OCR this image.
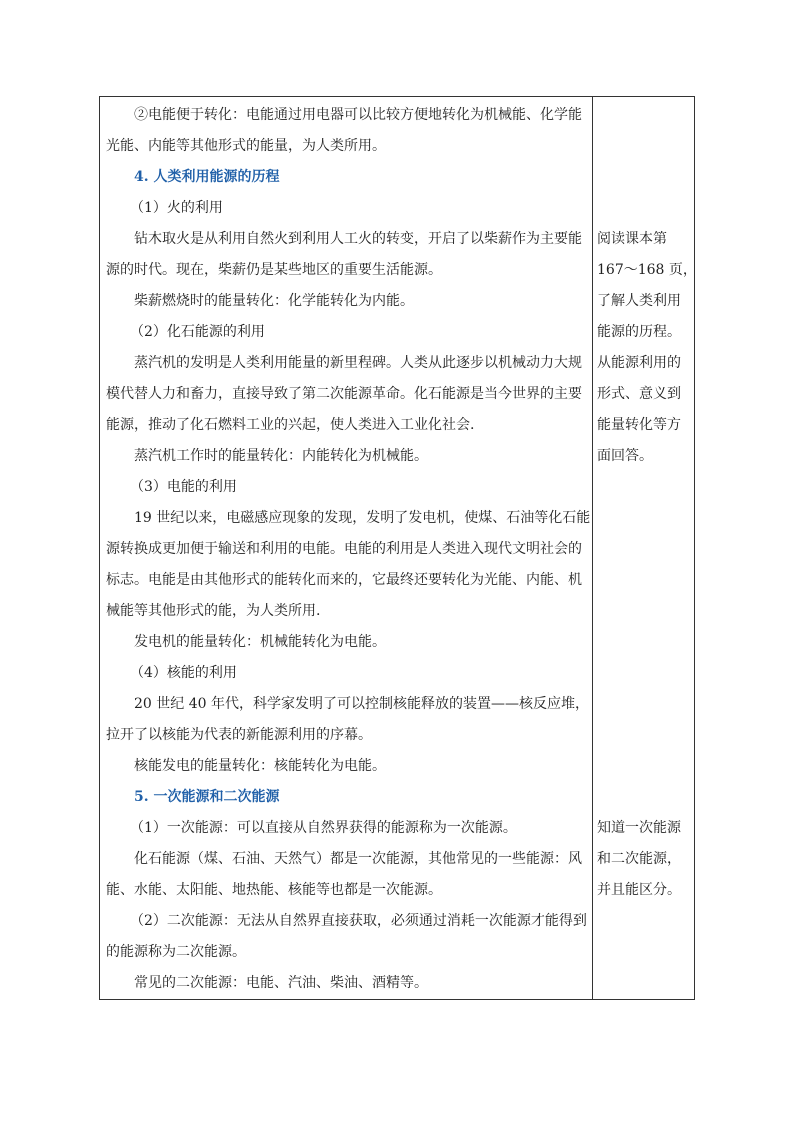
②电能便于转化：电能通过用电器可以比较方便地转化为机械能、化学能
光能、内能等其他形式的能量，为人类所用。
4. 人类利用能源的历程
（1）火的利用
钻木取火是从利用自然火到利用人工火的转变，开启了以柴薪作为主要能
源的时代。现在，柴薪仍是某些地区的重要生活能源。
柴薪燃烧时的能量转化：化学能转化为内能。
（2）化石能源的利用
蒸汽机的发明是人类利用能量的新里程碑。人类从此逐步以机械动力大规
模代替人力和畜力，直接导致了第二次能源革命。化石能源是当今世界的主要
能源，推动了化石燃料工业的兴起，使人类进入工业化社会.
蒸汽机工作时的能量转化：内能转化为机械能。
（3）电能的利用
19 世纪以来，电磁感应现象的发现，发明了发电机，使煤、石油等化石能
源转换成更加便于输送和利用的电能。电能的利用是人类进入现代文明社会的
标志。电能是由其他形式的能转化而来的，它最终还要转化为光能、内能、机
械能等其他形式的能，为人类所用.
发电机的能量转化：机械能转化为电能。
（4）核能的利用
20 世纪 40 年代，科学家发明了可以控制核能释放的装置——核反应堆，
拉开了以核能为代表的新能源利用的序幕。
核能发电的能量转化：核能转化为电能。
5. 一次能源和二次能源
（1）一次能源：可以直接从自然界获得的能源称为一次能源。
化石能源（煤、石油、天然气）都是一次能源，其他常见的一些能源：风
能、水能、太阳能、地热能、核能等也都是一次能源。
（2）二次能源：无法从自然界直接获取，必须通过消耗一次能源才能得到
的能源称为二次能源。
常见的二次能源：电能、汽油、柴油、酒精等。
阅读课本第
167～168 页，
了解人类利用
能源的历程。
从能源利用的
形式、意义到
能量转化等方
面回答。
知道一次能源
和二次能源，
并且能区分。
